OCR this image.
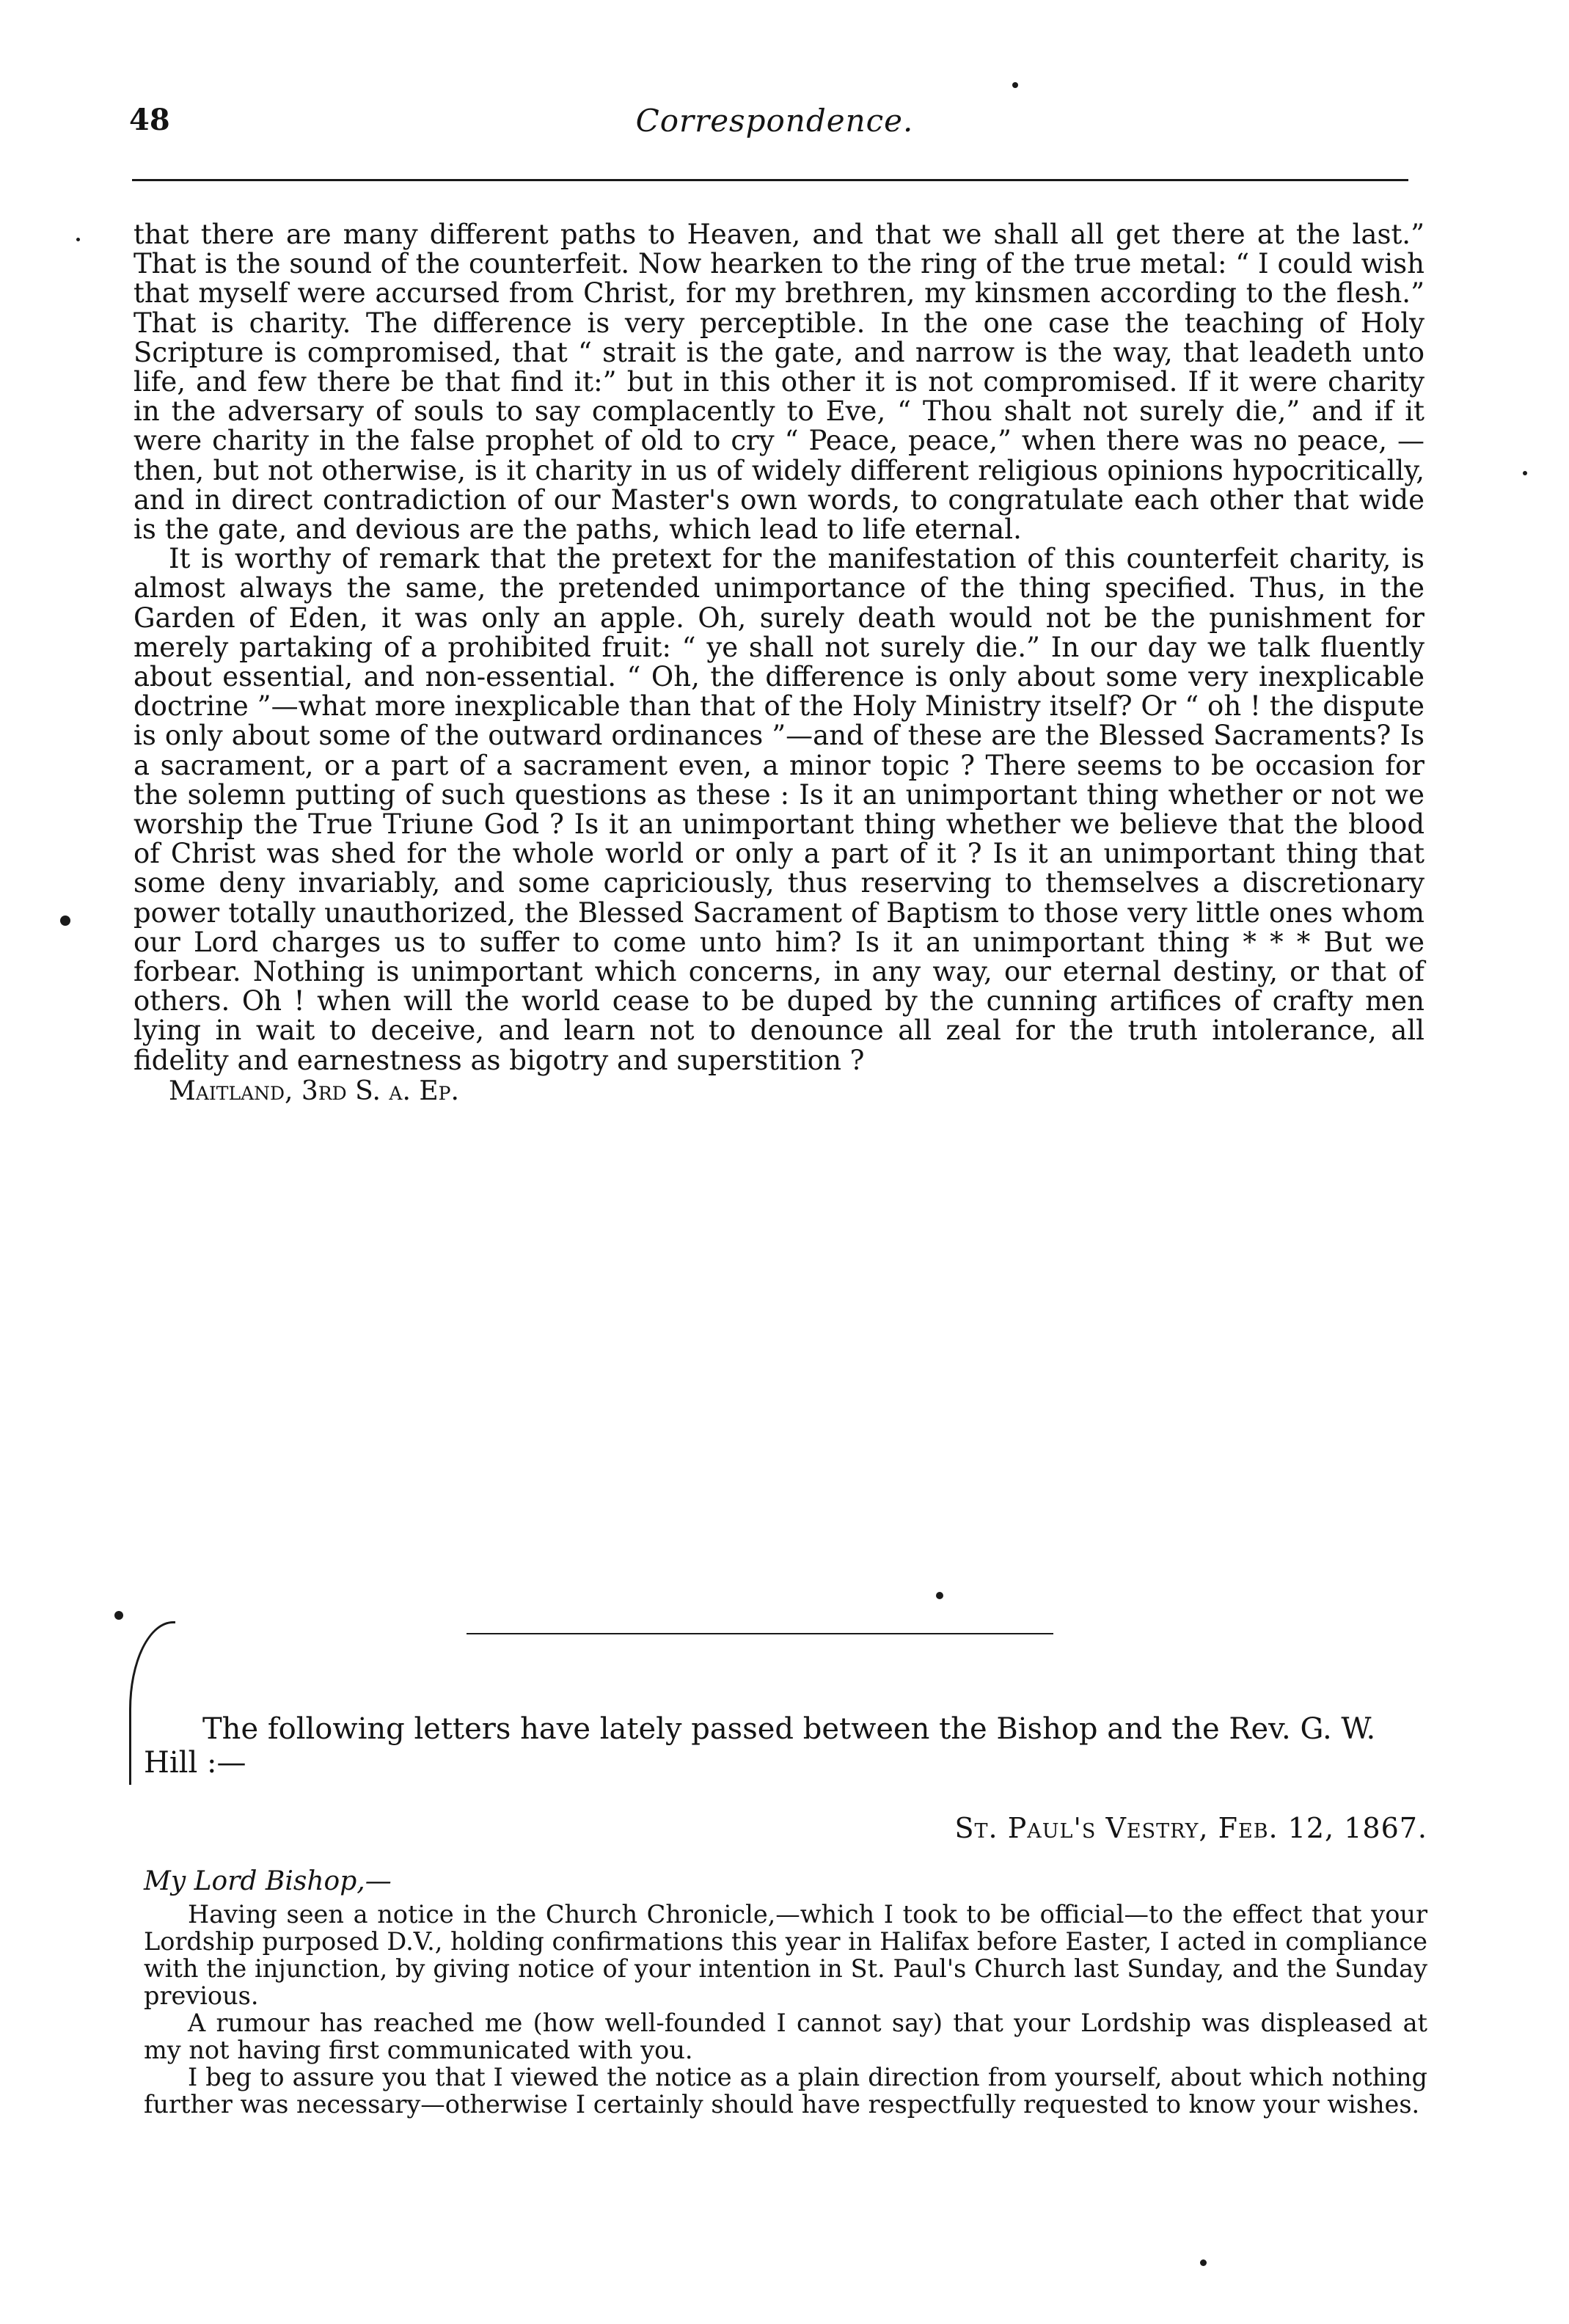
48	Correspondence.

that there are many different paths to Heaven, and that we shall all get there at the last.” That is the sound of the counterfeit. Now hearken to the ring of the true metal: “ I could wish that myself were accursed from Christ, for my brethren, my kinsmen according to the flesh.” That is charity. The difference is very perceptible. In the one case the teaching of Holy Scripture is compromised, that “ strait is the gate, and narrow is the way, that leadeth unto life, and few there be that find it:” but in this other it is not compromised. If it were charity in the adversary of souls to say complacently to Eve, “ Thou shalt not surely die,” and if it were charity in the false prophet of old to cry “ Peace, peace,” when there was no peace, —then, but not otherwise, is it charity in us of widely different religious opinions hypocritically, and in direct contradiction of our Master's own words, to congratulate each other that wide is the gate, and devious are the paths, which lead to life eternal.

It is worthy of remark that the pretext for the manifestation of this counterfeit charity, is almost always the same, the pretended unimportance of the thing specified. Thus, in the Garden of Eden, it was only an apple. Oh, surely death would not be the punishment for merely partaking of a prohibited fruit: “ ye shall not surely die.” In our day we talk fluently about essential, and non-essential. “ Oh, the difference is only about some very inexplicable doctrine ”—what more inexplicable than that of the Holy Ministry itself? Or “ oh ! the dispute is only about some of the outward ordinances ”—and of these are the Blessed Sacraments? Is a sacrament, or a part of a sacrament even, a minor topic ? There seems to be occasion for the solemn putting of such questions as these : Is it an unimportant thing whether or not we worship the True Triune God ? Is it an unimportant thing whether we believe that the blood of Christ was shed for the whole world or only a part of it ? Is it an unimportant thing that some deny invariably, and some capriciously, thus reserving to themselves a discretionary power totally unauthorized, the Blessed Sacrament of Baptism to those very little ones whom our Lord charges us to suffer to come unto him? Is it an unimportant thing * * * But we forbear. Nothing is unimportant which concerns, in any way, our eternal destiny, or that of others. Oh ! when will the world cease to be duped by the cunning artifices of crafty men lying in wait to deceive, and learn not to denounce all zeal for the truth intolerance, all fidelity and earnestness as bigotry and superstition ?

Maitland, 3rd S. a. Ep.

The following letters have lately passed between the Bishop and the Rev. G. W. Hill :—

St. Paul's Vestry, Feb. 12, 1867.

My Lord Bishop,—

Having seen a notice in the Church Chronicle,—which I took to be official—to the effect that your Lordship purposed D.V., holding confirmations this year in Halifax before Easter, I acted in compliance with the injunction, by giving notice of your intention in St. Paul's Church last Sunday, and the Sunday previous.

A rumour has reached me (how well-founded I cannot say) that your Lordship was displeased at my not having first communicated with you.

I beg to assure you that I viewed the notice as a plain direction from yourself, about which nothing further was necessary—otherwise I certainly should have respectfully requested to know your wishes.
